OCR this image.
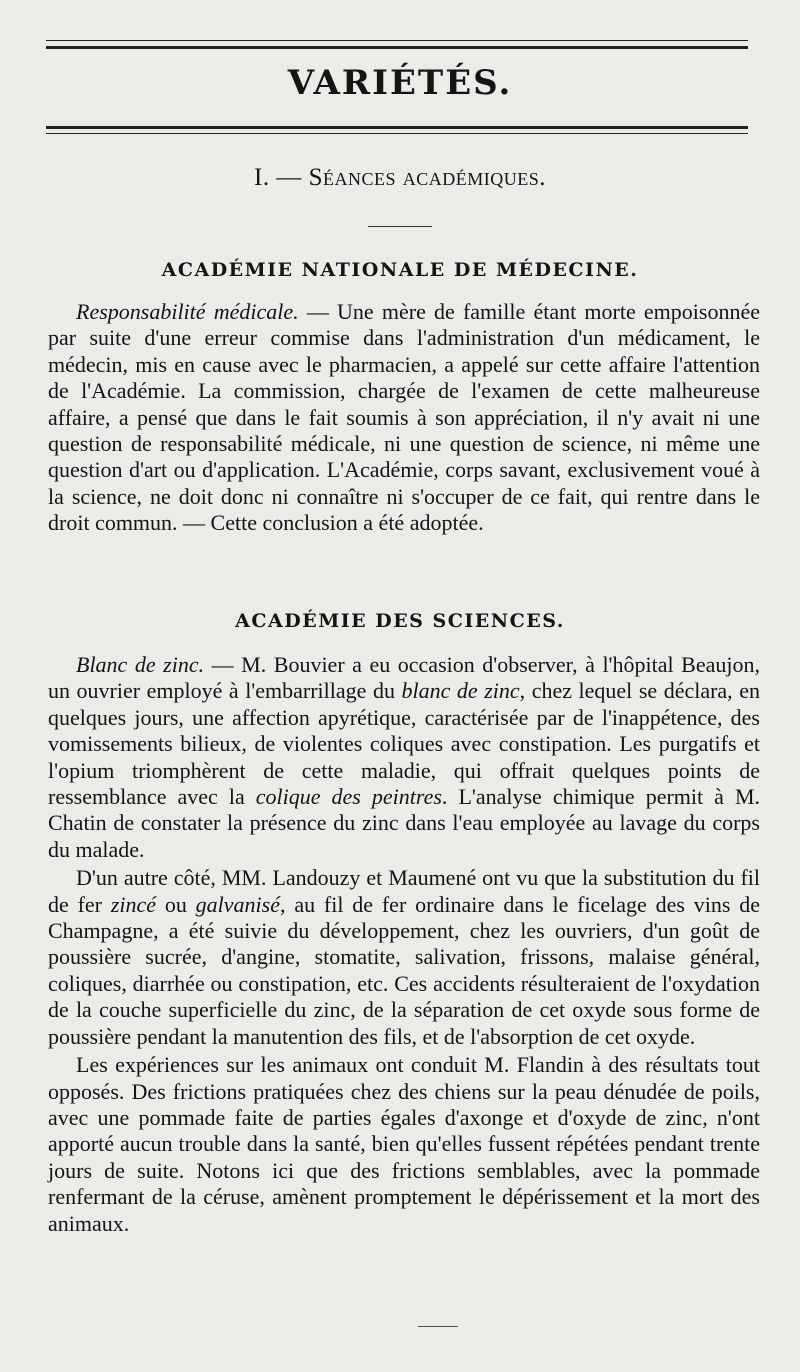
VARIÉTÉS.
I. — Séances académiques.
ACADÉMIE NATIONALE DE MÉDECINE.

Responsabilité médicale. — Une mère de famille étant morte empoisonnée par suite d'une erreur commise dans l'administration d'un médicament, le médecin, mis en cause avec le pharmacien, a appelé sur cette affaire l'attention de l'Académie. La commission, chargée de l'examen de cette malheureuse affaire, a pensé que dans le fait soumis à son appréciation, il n'y avait ni une question de responsabilité médicale, ni une question de science, ni même une question d'art ou d'application. L'Académie, corps savant, exclusivement voué à la science, ne doit donc ni connaître ni s'occuper de ce fait, qui rentre dans le droit commun. — Cette conclusion a été adoptée.

ACADÉMIE DES SCIENCES.

Blanc de zinc. — M. Bouvier a eu occasion d'observer, à l'hôpital Beaujon, un ouvrier employé à l'embarrillage du blanc de zinc, chez lequel se déclara, en quelques jours, une affection apyrétique, caractérisée par de l'inappétence, des vomissements bilieux, de violentes coliques avec constipation. Les purgatifs et l'opium triomphèrent de cette maladie, qui offrait quelques points de ressemblance avec la colique des peintres. L'analyse chimique permit à M. Chatin de constater la présence du zinc dans l'eau employée au lavage du corps du malade.

D'un autre côté, MM. Landouzy et Maumené ont vu que la substitution du fil de fer zincé ou galvanisé, au fil de fer ordinaire dans le ficelage des vins de Champagne, a été suivie du développement, chez les ouvriers, d'un goût de poussière sucrée, d'angine, stomatite, salivation, frissons, malaise général, coliques, diarrhée ou constipation, etc. Ces accidents résulteraient de l'oxydation de la couche superficielle du zinc, de la séparation de cet oxyde sous forme de poussière pendant la manutention des fils, et de l'absorption de cet oxyde.

Les expériences sur les animaux ont conduit M. Flandin à des résultats tout opposés. Des frictions pratiquées chez des chiens sur la peau dénudée de poils, avec une pommade faite de parties égales d'axonge et d'oxyde de zinc, n'ont apporté aucun trouble dans la santé, bien qu'elles fussent répétées pendant trente jours de suite. Notons ici que des frictions semblables, avec la pommade renfermant de la céruse, amènent promptement le dépérissement et la mort des animaux.
